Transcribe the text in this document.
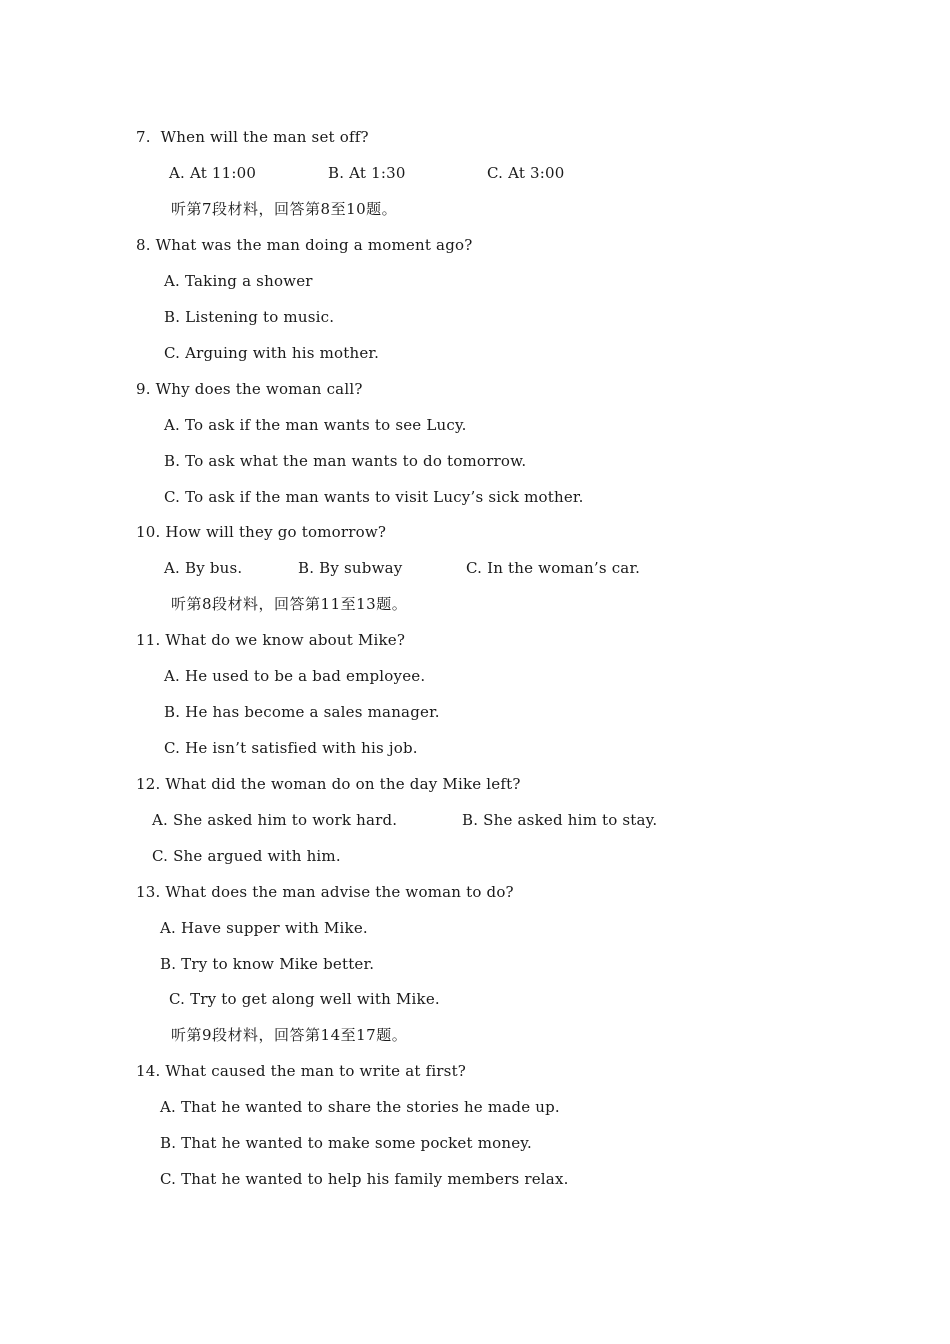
7.  When will the man set off?
A. At 11:00	B. At 1:30	C. At 3:00
听第7段材料，回答第8至10题。
8. What was the man doing a moment ago?
A. Taking a shower
B. Listening to music.
C. Arguing with his mother.
9. Why does the woman call?
A. To ask if the man wants to see Lucy.
B. To ask what the man wants to do tomorrow.
C. To ask if the man wants to visit Lucy’s sick mother.
10. How will they go tomorrow?
A. By bus.	B. By subway	C. In the woman’s car.
听第8段材料，回答第11至13题。
11. What do we know about Mike?
A. He used to be a bad employee.
B. He has become a sales manager.
C. He isn’t satisfied with his job.
12. What did the woman do on the day Mike left?
A. She asked him to work hard.	B. She asked him to stay.
C. She argued with him.
13. What does the man advise the woman to do?
A. Have supper with Mike.
B. Try to know Mike better.
C. Try to get along well with Mike.
听第9段材料，回答第14至17题。
14. What caused the man to write at first?
A. That he wanted to share the stories he made up.
B. That he wanted to make some pocket money.
C. That he wanted to help his family members relax.
